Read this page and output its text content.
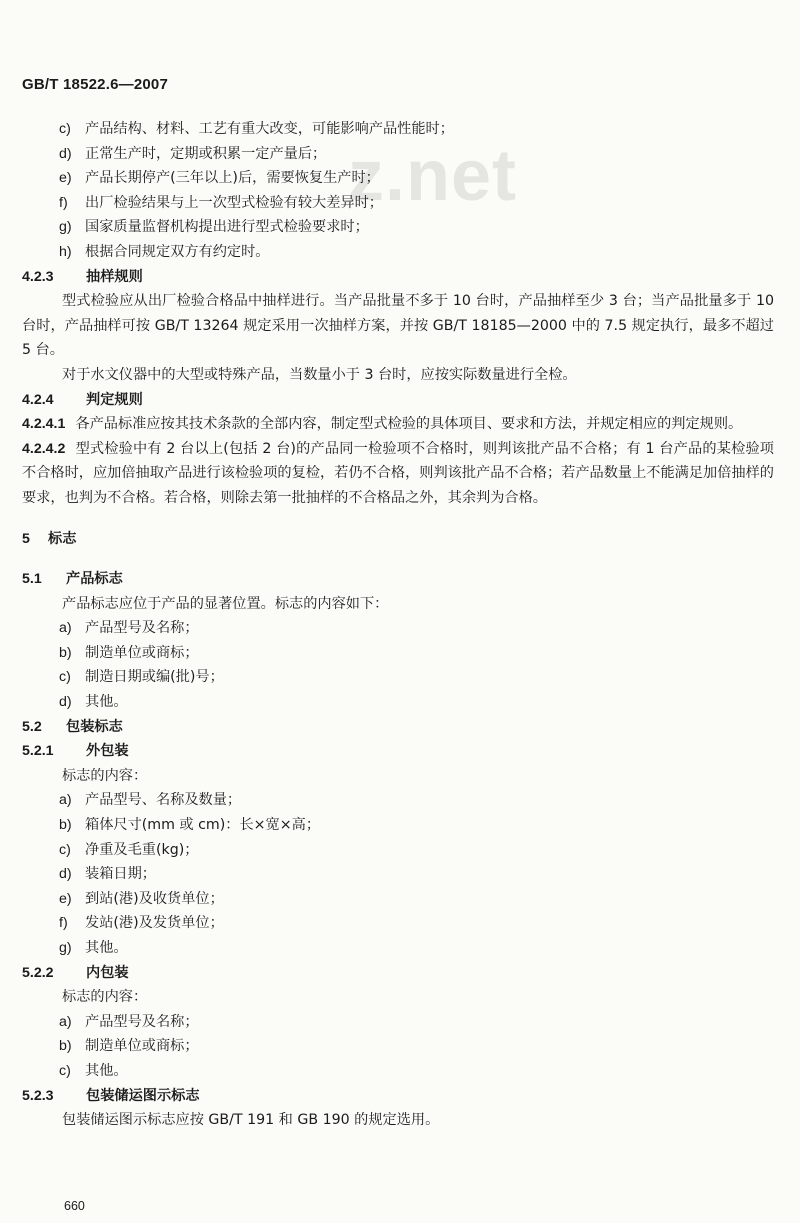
GB/T 18522.6—2007
z.net
c) 产品结构、材料、工艺有重大改变，可能影响产品性能时；
d) 正常生产时，定期或积累一定产量后；
e) 产品长期停产(三年以上)后，需要恢复生产时；
f) 出厂检验结果与上一次型式检验有较大差异时；
g) 国家质量监督机构提出进行型式检验要求时；
h) 根据合同规定双方有约定时。
4.2.3 抽样规则
型式检验应从出厂检验合格品中抽样进行。当产品批量不多于 10 台时，产品抽样至少 3 台；当产品批量多于 10 台时，产品抽样可按 GB/T 13264 规定采用一次抽样方案，并按 GB/T 18185—2000 中的 7.5 规定执行，最多不超过 5 台。
对于水文仪器中的大型或特殊产品，当数量小于 3 台时，应按实际数量进行全检。
4.2.4 判定规则
4.2.4.1 各产品标准应按其技术条款的全部内容，制定型式检验的具体项目、要求和方法，并规定相应的判定规则。
4.2.4.2 型式检验中有 2 台以上(包括 2 台)的产品同一检验项不合格时，则判该批产品不合格；有 1 台产品的某检验项不合格时，应加倍抽取产品进行该检验项的复检，若仍不合格，则判该批产品不合格；若产品数量上不能满足加倍抽样的要求，也判为不合格。若合格，则除去第一批抽样的不合格品之外，其余判为合格。
5 标志
5.1 产品标志
产品标志应位于产品的显著位置。标志的内容如下：
a) 产品型号及名称；
b) 制造单位或商标；
c) 制造日期或编(批)号；
d) 其他。
5.2 包装标志
5.2.1 外包装
标志的内容：
a) 产品型号、名称及数量；
b) 箱体尺寸(mm 或 cm)：长×宽×高；
c) 净重及毛重(kg)；
d) 装箱日期；
e) 到站(港)及收货单位；
f) 发站(港)及发货单位；
g) 其他。
5.2.2 内包装
标志的内容：
a) 产品型号及名称；
b) 制造单位或商标；
c) 其他。
5.2.3 包装储运图示标志
包装储运图示标志应按 GB/T 191 和 GB 190 的规定选用。
660
